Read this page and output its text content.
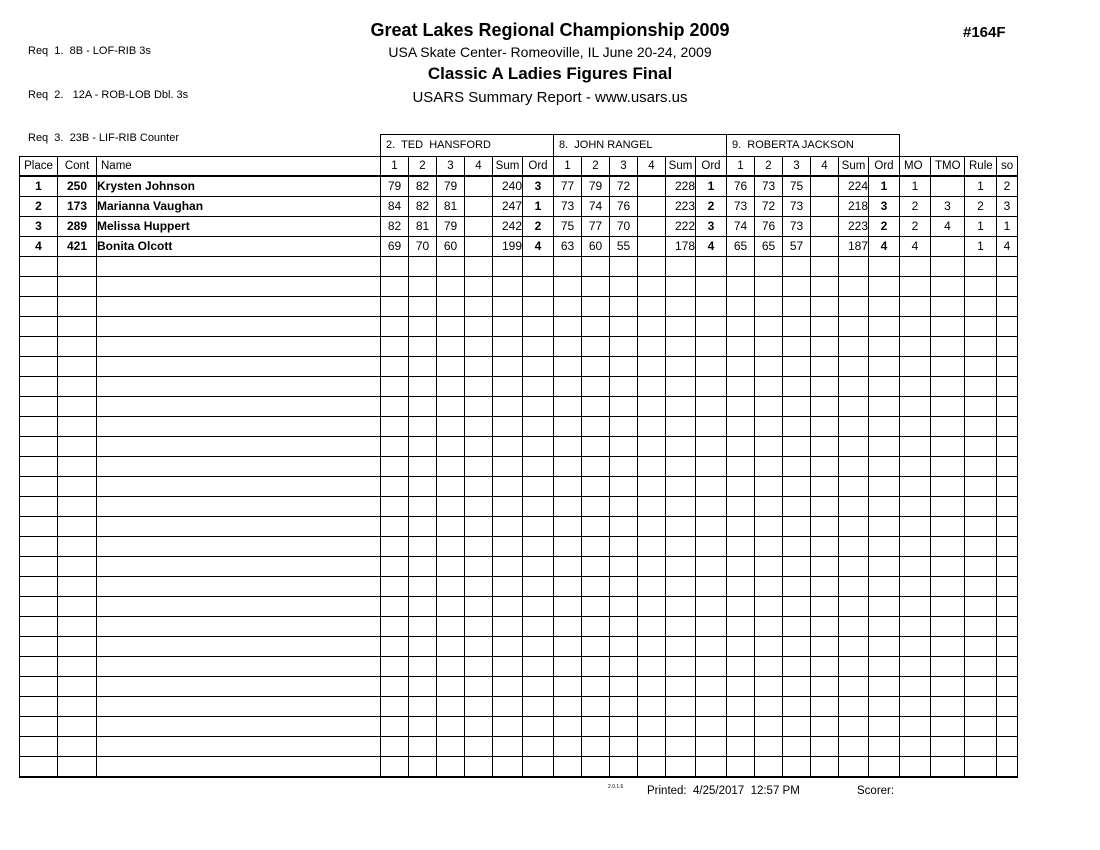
Req  1.  8B - LOF-RIB 3s

Req  2.   12A - ROB-LOB Dbl. 3s

Req  3.  23B - LIF-RIB Counter

Great Lakes Regional Championship 2009
USA Skate Center- Romeoville, IL June 20-24, 2009
Classic A Ladies Figures Final
USARS Summary Report - www.usars.us
#164F
			2.  TED  HANSFORD						8.  JOHN RANGEL						9.  ROBERTA JACKSON									
Place	Cont	Name	1	2	3	4	Sum	Ord	1	2	3	4	Sum	Ord	1	2	3	4	Sum	Ord	MO	TMO	Rule	so
1	250	Krysten Johnson	79	82	79		240	3	77	79	72		228	1	76	73	75		224	1	1		1	2
2	173	Marianna Vaughan	84	82	81		247	1	73	74	76		223	2	73	72	73		218	3	2	3	2	3
3	289	Melissa Huppert	82	81	79		242	2	75	77	70		222	3	74	76	73		223	2	2	4	1	1
4	421	Bonita Olcott	69	70	60		199	4	63	60	55		178	4	65	65	57		187	4	4		1	4

2.0.1.6 Printed:  4/25/2017  12:57 PM	Scorer:
